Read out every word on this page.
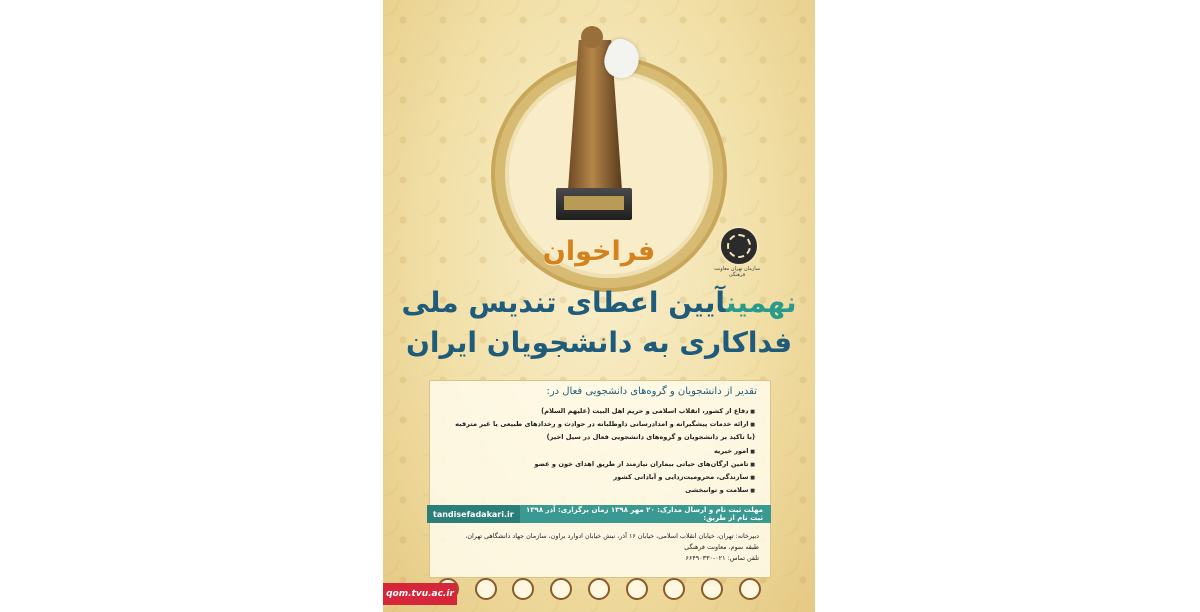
سازمان تهران معاونت فرهنگی
فراخوان
نهمینآیین اعطای تندیس ملی
فداکاری به دانشجویان ایران
تقدیر از دانشجویان و گروه‌های دانشجویی فعال در:
■ دفاع از کشور، انقلاب اسلامی و حریم اهل البیت (علیهم السلام)
■ ارائه خدمات پیشگیرانه و امدادرسانی داوطلبانه در حوادث و رخدادهای طبیعی یا غیر مترقبه
(با تاکید بر دانشجویان و گروه‌های دانشجویی فعال در سیل اخیر)
■ امور خیریه
■ تامین ارگان‌های حیاتی بیماران نیازمند از طریق اهدای خون و عضو
■ سازندگی، محرومیت‌زدایی و آبادانی کشور
■ سلامت و توانبخشی
مهلت ثبت نام و ارسال مدارک: ۲۰ مهر ۱۳۹۸ زمان برگزاری: آذر ۱۳۹۸ ثبت نام از طریق:
tandisefadakari.ir
دبیرخانه: تهران، خیابان انقلاب اسلامی، خیابان ۱۶ آذر، نبش خیابان ادوارد براون، سازمان جهاد دانشگاهی تهران،
طبقه سوم، معاونت فرهنگی
تلفن تماس: ۰۲۱-۶۶۴۹۰۳۳۰
qom.tvu.ac.ir
